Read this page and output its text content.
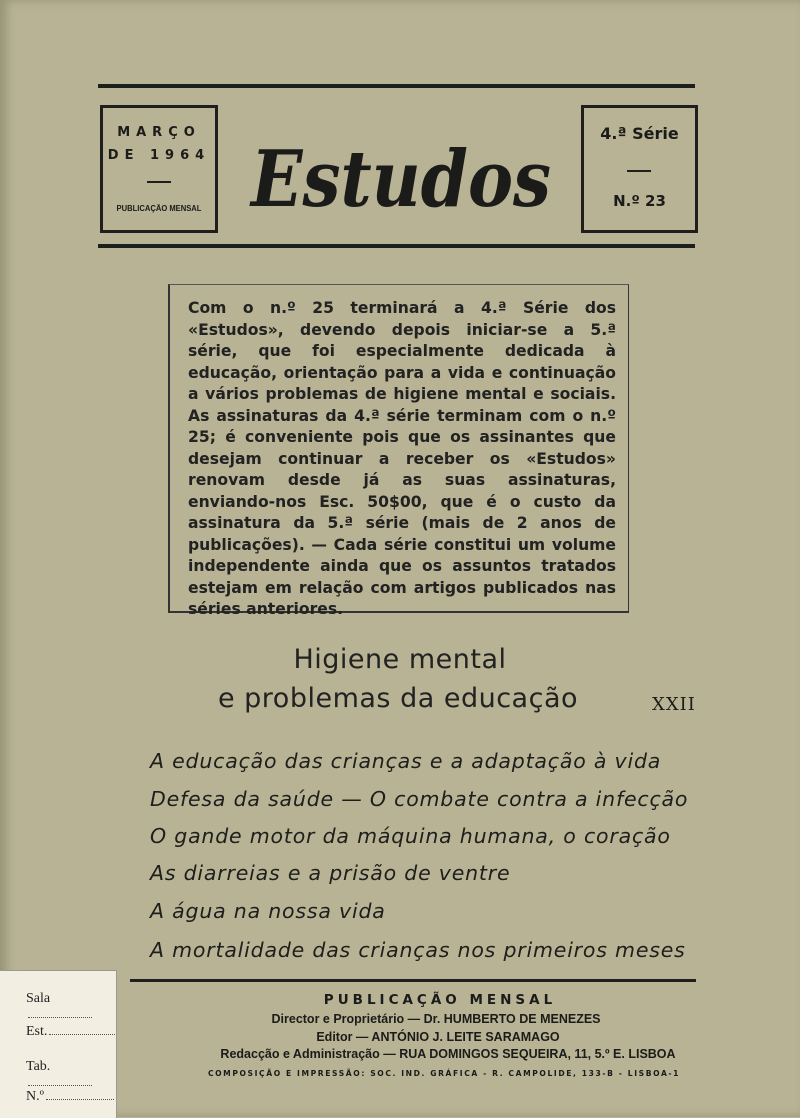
MARÇO
DE 1964
PUBLICAÇÃO MENSAL Estudos
4.ª Série
N.º 23

Com o n.º 25 terminará a 4.ª Série dos «Estudos», devendo depois iniciar-se a 5.ª série, que foi especialmente dedicada à educação, orientação para a vida e continuação a vários problemas de higiene mental e sociais. As assinaturas da 4.ª série terminam com o n.º 25; é conveniente pois que os assinantes que desejam continuar a receber os «Estudos» renovam desde já as suas assinaturas, enviando-nos Esc. 50$00, que é o custo da assinatura da 5.ª série (mais de 2 anos de publicações). — Cada série constitui um volume independente ainda que os assuntos tratados estejam em relação com artigos publicados nas séries anteriores.

Higiene mental
e problemas da educação	XXII
A educação das crianças e a adaptação à vida
Defesa da saúde — O combate contra a infecção
O gande motor da máquina humana, o coração
As diarreias e a prisão de ventre
A água na nossa vida
A mortalidade das crianças nos primeiros meses
PUBLICAÇÃO MENSAL
Director e Proprietário — Dr. HUMBERTO DE MENEZES
Editor — ANTÓNIO J. LEITE SARAMAGO
Redacção e Administração — RUA DOMINGOS SEQUEIRA, 11, 5.º E. LISBOA
COMPOSIÇÃO E IMPRESSÃO: SOC. IND. GRÁFICA - R. CAMPOLIDE, 133-B - LISBOA-1
Sala
Est.
Tab.
N.º
